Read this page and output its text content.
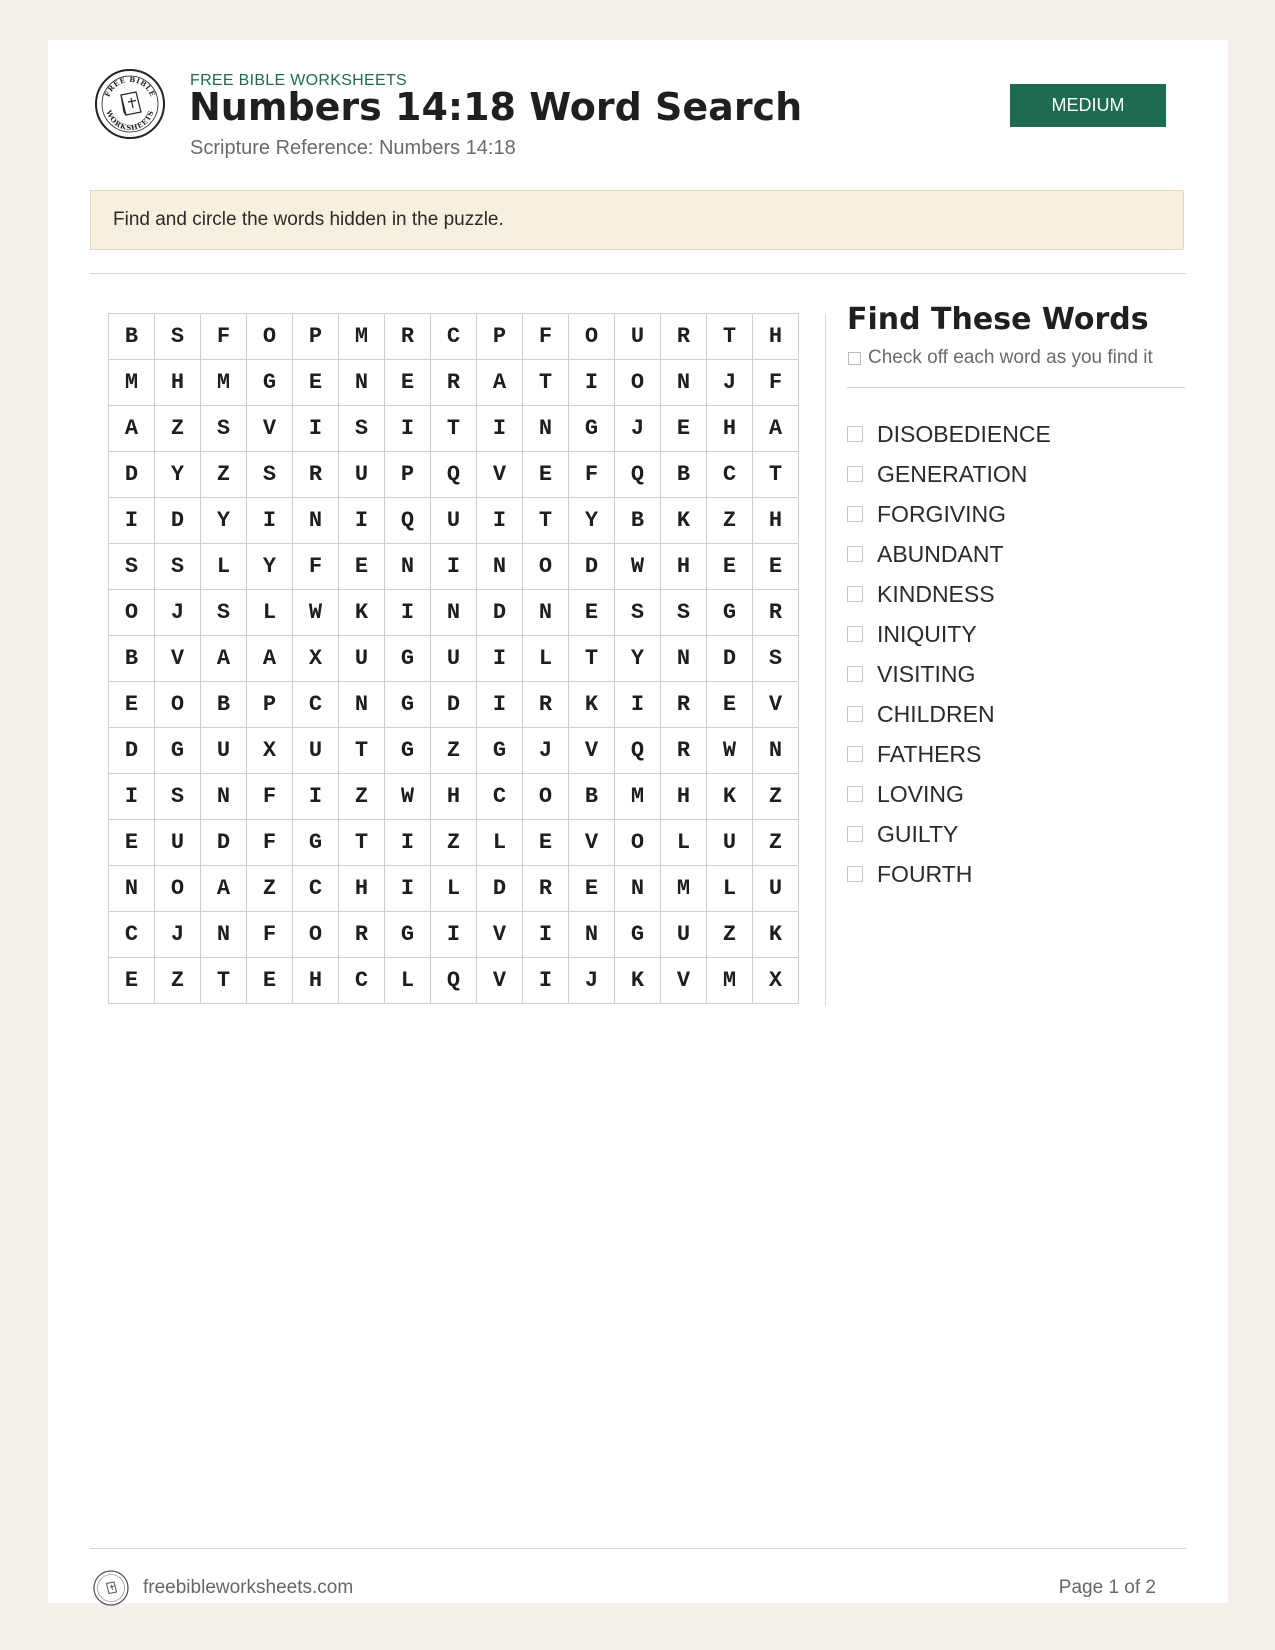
FREE BIBLE
WORKSHEETS
FREE BIBLE WORKSHEETS
Numbers 14:18 Word Search
Scripture Reference: Numbers 14:18
MEDIUM
Find and circle the words hidden in the puzzle.
B	S	F	O	P	M	R	C	P	F	O	U	R	T	H
M	H	M	G	E	N	E	R	A	T	I	O	N	J	F
A	Z	S	V	I	S	I	T	I	N	G	J	E	H	A
D	Y	Z	S	R	U	P	Q	V	E	F	Q	B	C	T
I	D	Y	I	N	I	Q	U	I	T	Y	B	K	Z	H
S	S	L	Y	F	E	N	I	N	O	D	W	H	E	E
O	J	S	L	W	K	I	N	D	N	E	S	S	G	R
B	V	A	A	X	U	G	U	I	L	T	Y	N	D	S
E	O	B	P	C	N	G	D	I	R	K	I	R	E	V
D	G	U	X	U	T	G	Z	G	J	V	Q	R	W	N
I	S	N	F	I	Z	W	H	C	O	B	M	H	K	Z
E	U	D	F	G	T	I	Z	L	E	V	O	L	U	Z
N	O	A	Z	C	H	I	L	D	R	E	N	M	L	U
C	J	N	F	O	R	G	I	V	I	N	G	U	Z	K
E	Z	T	E	H	C	L	Q	V	I	J	K	V	M	X
Find These Words
Check off each word as you find it
DISOBEDIENCE
GENERATION
FORGIVING
ABUNDANT
KINDNESS
INIQUITY
VISITING
CHILDREN
FATHERS
LOVING
GUILTY
FOURTH
freebibleworksheets.com	Page 1 of 2
